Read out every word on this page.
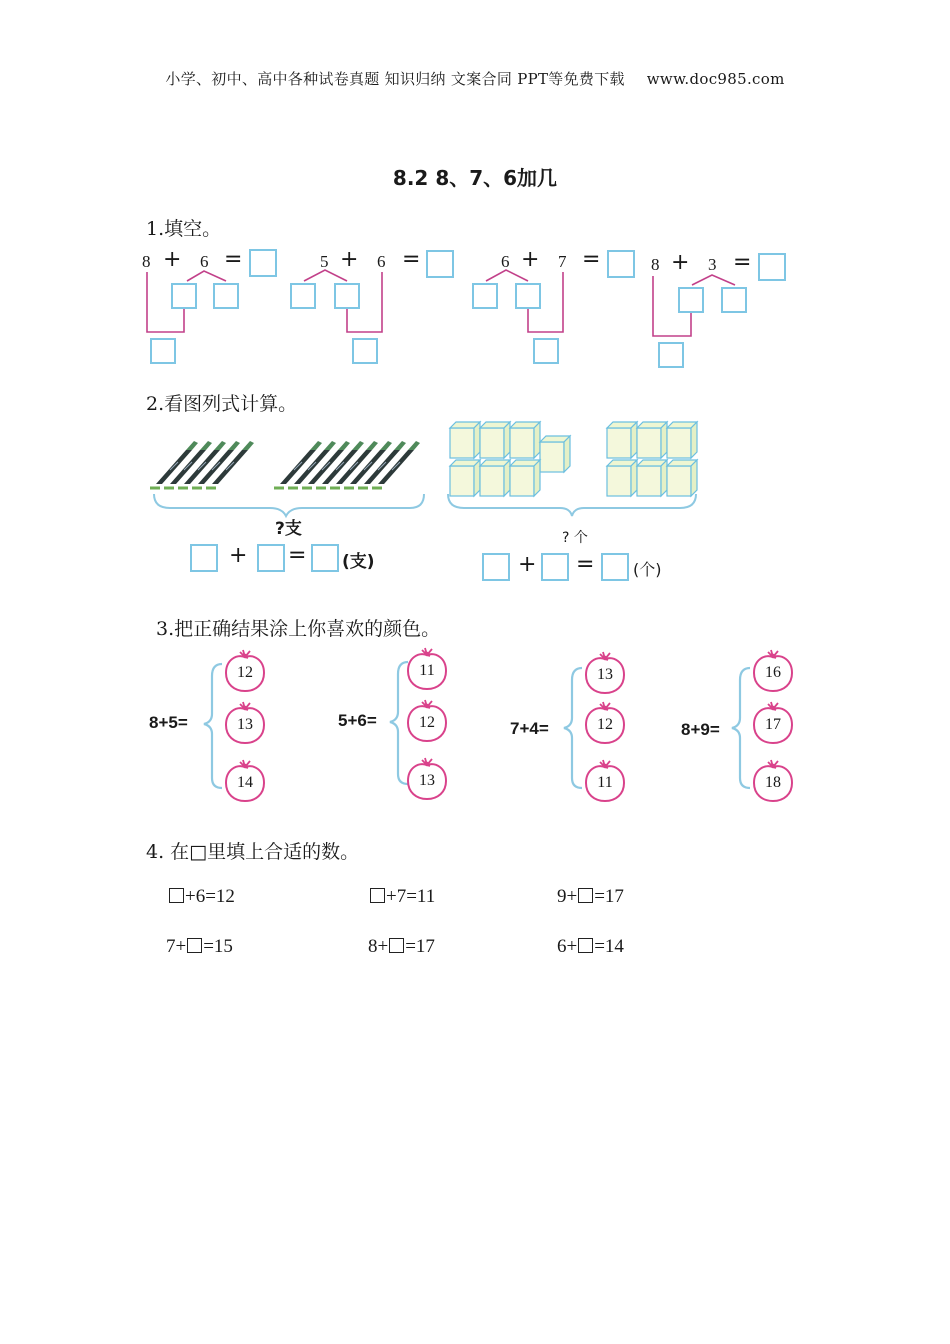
小学、初中、高中各种试卷真题 知识归纳 文案合同 PPT等免费下载 www.doc985.com
8.2 8、7、6加几
1.填空。
8 + 6 =	5 + 6 =	6 + 7 =	8 + 3 =
2.看图列式计算。
?支
+ = (支)
? 个
+ = (个)
3.把正确结果涂上你喜欢的颜色。
8+5=	5+6=	7+4=	8+9=
12
13
14
11
12
13
13
12
11
16
17
18
4. 在□里填上合适的数。
+6=12	+7=11	9+ =17
7+ =15	8+ =17	6+ =14
